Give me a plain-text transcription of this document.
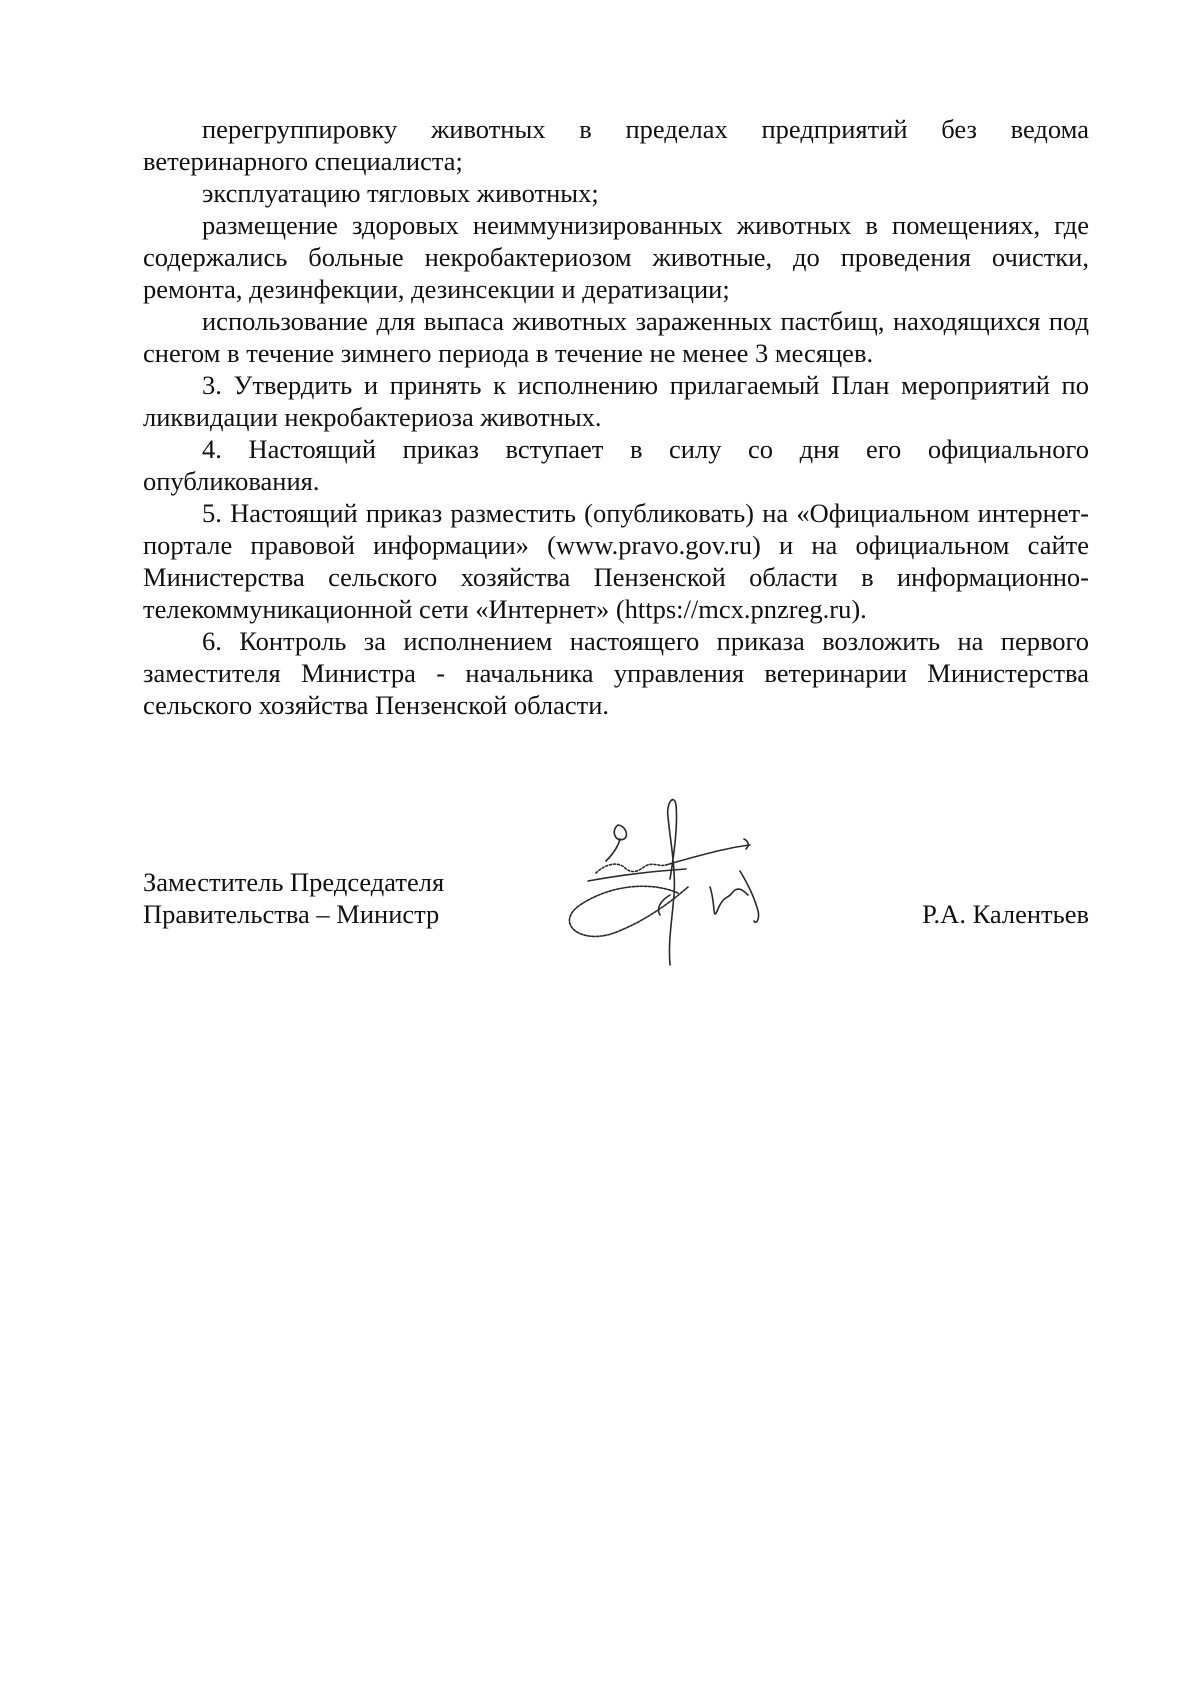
перегруппировку животных в пределах предприятий без ведома ветеринарного специалиста;

эксплуатацию тягловых животных;

размещение здоровых неиммунизированных животных в помещениях, где содержались больные некробактериозом животные, до проведения очистки, ремонта, дезинфекции, дезинсекции и дератизации;

использование для выпаса животных зараженных пастбищ, находящихся под снегом в течение зимнего периода в течение не менее 3 месяцев.

3. Утвердить и принять к исполнению прилагаемый План мероприятий по ликвидации некробактериоза животных.

4. Настоящий приказ вступает в силу со дня его официального опубликования.

5. Настоящий приказ разместить (опубликовать) на «Официальном интернет-портале правовой информации» (www.pravo.gov.ru) и на официальном сайте Министерства сельского хозяйства Пензенской области в информационно-телекоммуникационной сети «Интернет» (https://mcx.pnzreg.ru).

6. Контроль за исполнением настоящего приказа возложить на первого заместителя Министра - начальника управления ветеринарии Министерства сельского хозяйства Пензенской области.

Заместитель Председателя
Правительства – Министр	Р.А. Калентьев
